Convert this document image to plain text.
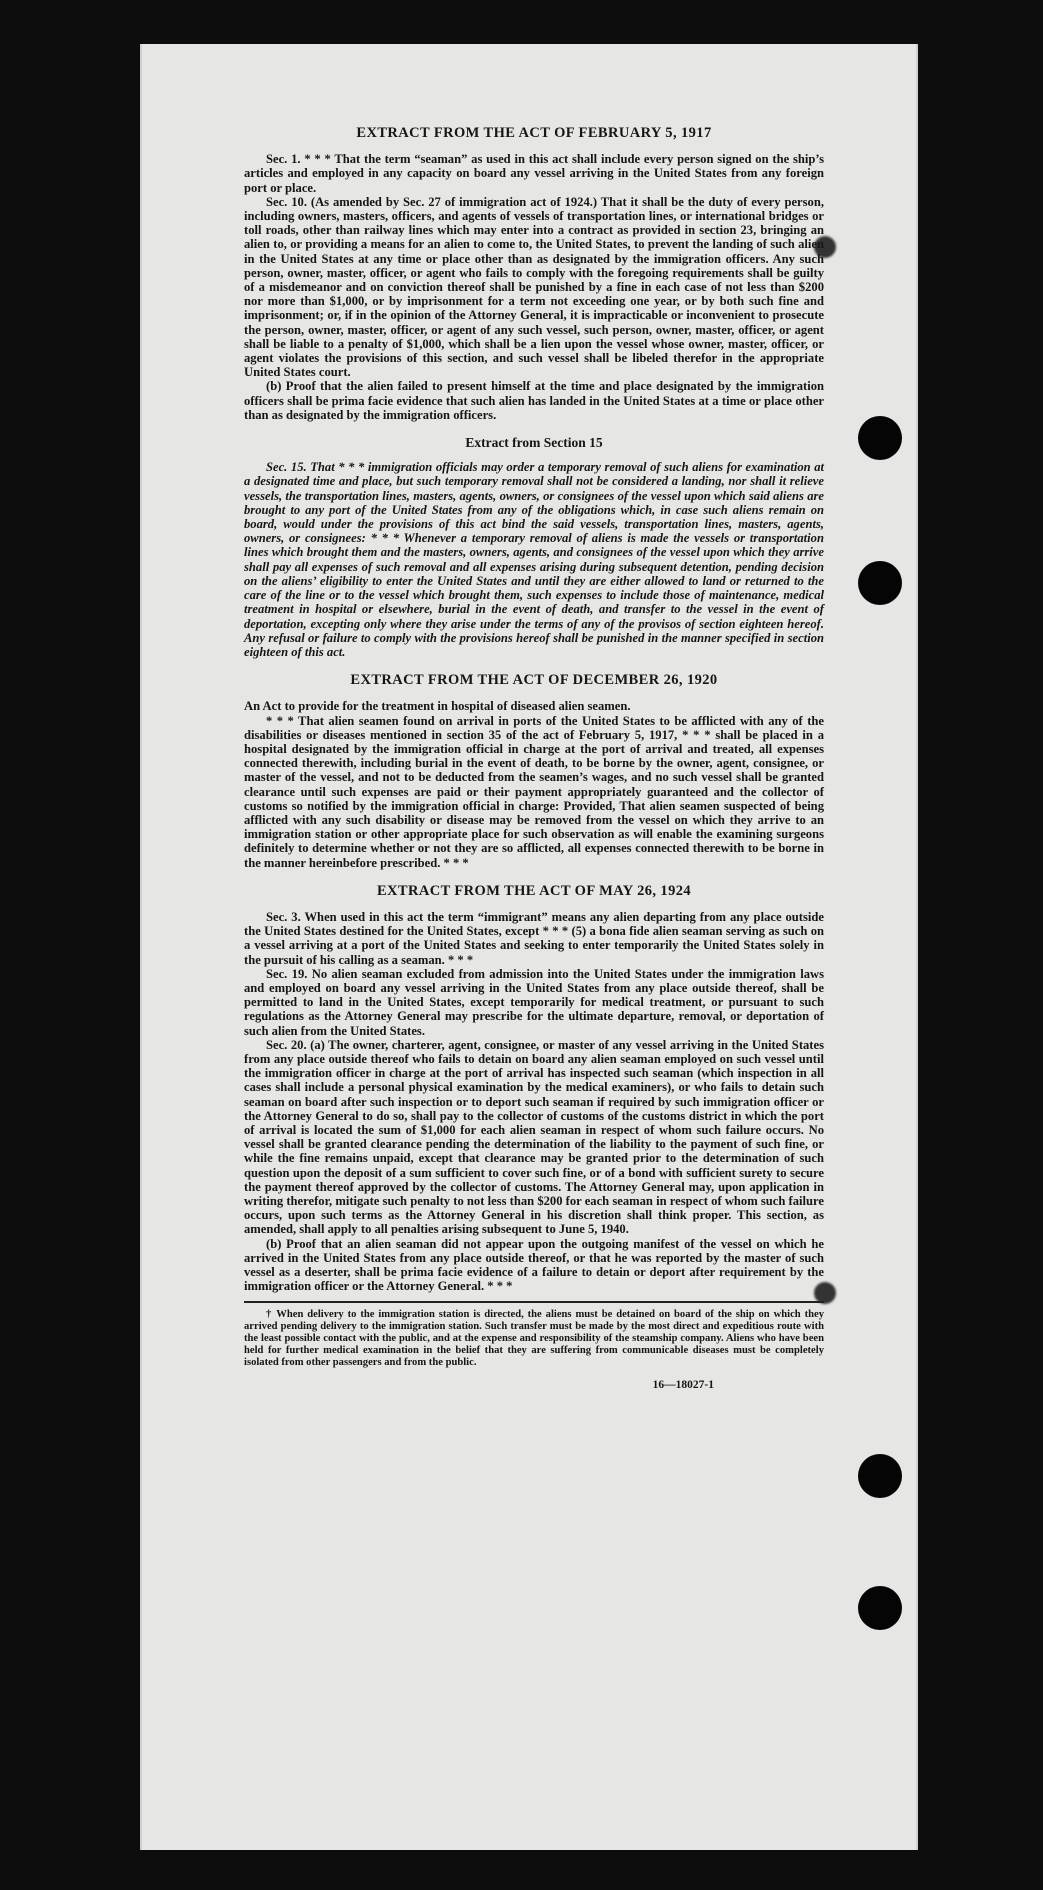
EXTRACT FROM THE ACT OF FEBRUARY 5, 1917

Sec. 1. * * * That the term “seaman” as used in this act shall include every person signed on the ship’s articles and employed in any capacity on board any vessel arriving in the United States from any foreign port or place.

Sec. 10. (As amended by Sec. 27 of immigration act of 1924.) That it shall be the duty of every person, including owners, masters, officers, and agents of vessels of transportation lines, or international bridges or toll roads, other than railway lines which may enter into a contract as provided in section 23, bringing an alien to, or providing a means for an alien to come to, the United States, to prevent the landing of such alien in the United States at any time or place other than as designated by the immigration officers. Any such person, owner, master, officer, or agent who fails to comply with the foregoing requirements shall be guilty of a misdemeanor and on conviction thereof shall be punished by a fine in each case of not less than $200 nor more than $1,000, or by imprisonment for a term not exceeding one year, or by both such fine and imprisonment; or, if in the opinion of the Attorney General, it is impracticable or inconvenient to prosecute the person, owner, master, officer, or agent of any such vessel, such person, owner, master, officer, or agent shall be liable to a penalty of $1,000, which shall be a lien upon the vessel whose owner, master, officer, or agent violates the provisions of this section, and such vessel shall be libeled therefor in the appropriate United States court.

(b) Proof that the alien failed to present himself at the time and place designated by the immigration officers shall be prima facie evidence that such alien has landed in the United States at a time or place other than as designated by the immigration officers.

Extract from Section 15

Sec. 15. That * * * immigration officials may order a temporary removal of such aliens for examination at a designated time and place, but such temporary removal shall not be considered a landing, nor shall it relieve vessels, the transportation lines, masters, agents, owners, or consignees of the vessel upon which said aliens are brought to any port of the United States from any of the obligations which, in case such aliens remain on board, would under the provisions of this act bind the said vessels, transportation lines, masters, agents, owners, or consignees: * * * Whenever a temporary removal of aliens is made the vessels or transportation lines which brought them and the masters, owners, agents, and consignees of the vessel upon which they arrive shall pay all expenses of such removal and all expenses arising during subsequent detention, pending decision on the aliens’ eligibility to enter the United States and until they are either allowed to land or returned to the care of the line or to the vessel which brought them, such expenses to include those of maintenance, medical treatment in hospital or elsewhere, burial in the event of death, and transfer to the vessel in the event of deportation, excepting only where they arise under the terms of any of the provisos of section eighteen hereof. Any refusal or failure to comply with the provisions hereof shall be punished in the manner specified in section eighteen of this act.

EXTRACT FROM THE ACT OF DECEMBER 26, 1920

An Act to provide for the treatment in hospital of diseased alien seamen.

* * * That alien seamen found on arrival in ports of the United States to be afflicted with any of the disabilities or diseases mentioned in section 35 of the act of February 5, 1917, * * * shall be placed in a hospital designated by the immigration official in charge at the port of arrival and treated, all expenses connected therewith, including burial in the event of death, to be borne by the owner, agent, consignee, or master of the vessel, and not to be deducted from the seamen’s wages, and no such vessel shall be granted clearance until such expenses are paid or their payment appropriately guaranteed and the collector of customs so notified by the immigration official in charge: Provided, That alien seamen suspected of being afflicted with any such disability or disease may be removed from the vessel on which they arrive to an immigration station or other appropriate place for such observation as will enable the examining surgeons definitely to determine whether or not they are so afflicted, all expenses connected therewith to be borne in the manner hereinbefore prescribed. * * *

EXTRACT FROM THE ACT OF MAY 26, 1924

Sec. 3. When used in this act the term “immigrant” means any alien departing from any place outside the United States destined for the United States, except * * * (5) a bona fide alien seaman serving as such on a vessel arriving at a port of the United States and seeking to enter temporarily the United States solely in the pursuit of his calling as a seaman. * * *

Sec. 19. No alien seaman excluded from admission into the United States under the immigration laws and employed on board any vessel arriving in the United States from any place outside thereof, shall be permitted to land in the United States, except temporarily for medical treatment, or pursuant to such regulations as the Attorney General may prescribe for the ultimate departure, removal, or deportation of such alien from the United States.

Sec. 20. (a) The owner, charterer, agent, consignee, or master of any vessel arriving in the United States from any place outside thereof who fails to detain on board any alien seaman employed on such vessel until the immigration officer in charge at the port of arrival has inspected such seaman (which inspection in all cases shall include a personal physical examination by the medical examiners), or who fails to detain such seaman on board after such inspection or to deport such seaman if required by such immigration officer or the Attorney General to do so, shall pay to the collector of customs of the customs district in which the port of arrival is located the sum of $1,000 for each alien seaman in respect of whom such failure occurs. No vessel shall be granted clearance pending the determination of the liability to the payment of such fine, or while the fine remains unpaid, except that clearance may be granted prior to the determination of such question upon the deposit of a sum sufficient to cover such fine, or of a bond with sufficient surety to secure the payment thereof approved by the collector of customs. The Attorney General may, upon application in writing therefor, mitigate such penalty to not less than $200 for each seaman in respect of whom such failure occurs, upon such terms as the Attorney General in his discretion shall think proper. This section, as amended, shall apply to all penalties arising subsequent to June 5, 1940.

(b) Proof that an alien seaman did not appear upon the outgoing manifest of the vessel on which he arrived in the United States from any place outside thereof, or that he was reported by the master of such vessel as a deserter, shall be prima facie evidence of a failure to detain or deport after requirement by the immigration officer or the Attorney General. * * *

† When delivery to the immigration station is directed, the aliens must be detained on board of the ship on which they arrived pending delivery to the immigration station. Such transfer must be made by the most direct and expeditious route with the least possible contact with the public, and at the expense and responsibility of the steamship company. Aliens who have been held for further medical examination in the belief that they are suffering from communicable diseases must be completely isolated from other passengers and from the public.

16—18027-1
